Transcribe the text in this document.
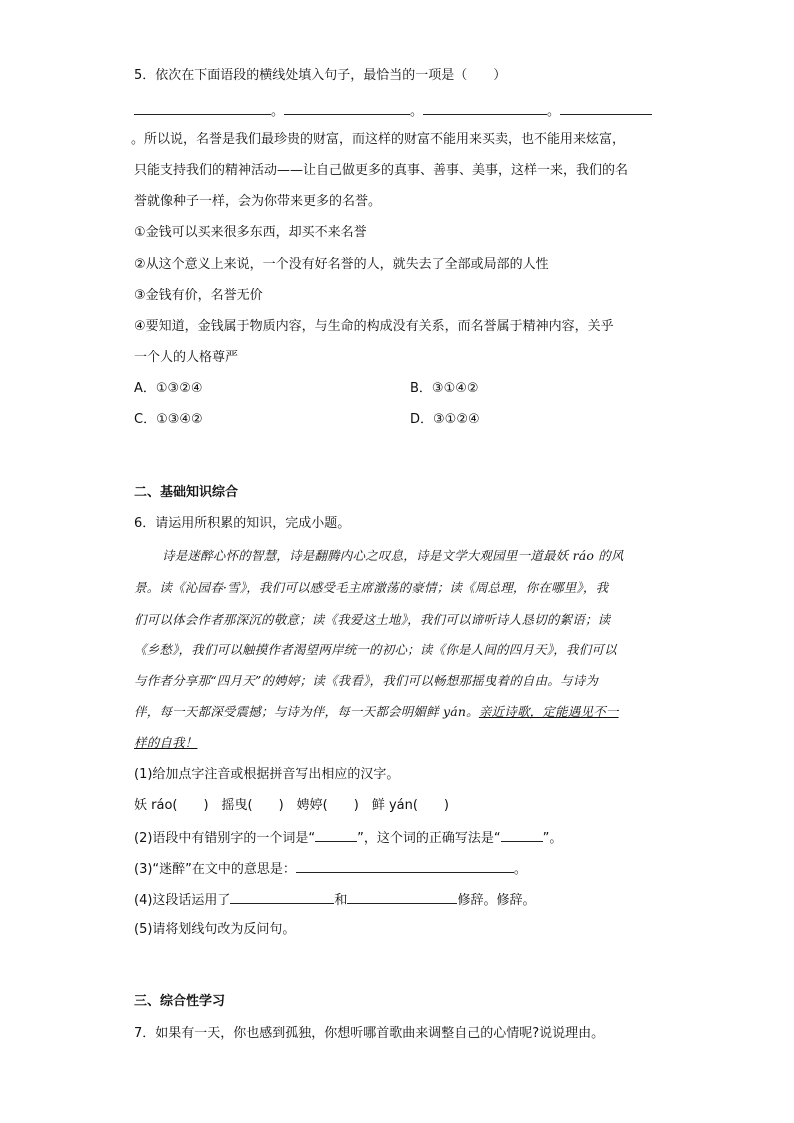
5．依次在下面语段的横线处填入句子，最恰当的一项是（　　）
。	。	。
。所以说，名誉是我们最珍贵的财富，而这样的财富不能用来买卖，也不能用来炫富，
只能支持我们的精神活动——让自己做更多的真事、善事、美事，这样一来，我们的名
誉就像种子一样，会为你带来更多的名誉。
①金钱可以买来很多东西，却买不来名誉
②从这个意义上来说，一个没有好名誉的人，就失去了全部或局部的人性
③金钱有价，名誉无价
④要知道，金钱属于物质内容，与生命的构成没有关系，而名誉属于精神内容，关乎
一个人的人格尊严
A．①③②④	B．③①④②
C．①③④②	D．③①②④
二、基础知识综合
6．请运用所积累的知识，完成小题。
诗是迷醉心怀的智慧，诗是翻腾内心之叹息，诗是文学大观园里一道最妖 ráo 的风
景。读《沁园春·雪》，我们可以感受毛主席激荡的豪情；读《周总理，你在哪里》，我
们可以体会作者那深沉的敬意；读《我爱这土地》，我们可以谛听诗人恳切的絮语；读
《乡愁》，我们可以触摸作者渴望两岸统一的初心；读《你是人间的四月天》，我们可以
与作者分享那“四月天”的娉婷；读《我看》，我们可以畅想那摇曳着的自由。与诗为
伴，每一天都深受震撼；与诗为伴，每一天都会明媚鲜 yán。亲近诗歌，定能遇见不一
样的自我！
(1)给加点字注音或根据拼音写出相应的汉字。
妖 ráo(　　)　摇曳(　　)　娉婷(　　)　鲜 yán(　　)
(2)语段中有错别字的一个词是“	”，这个词的正确写法是“	”。
(3)“迷醉”在文中的意思是：	。
(4)这段话运用了	和	修辞。修辞。
(5)请将划线句改为反问句。
三、综合性学习
7．如果有一天，你也感到孤独，你想听哪首歌曲来调整自己的心情呢?说说理由。
